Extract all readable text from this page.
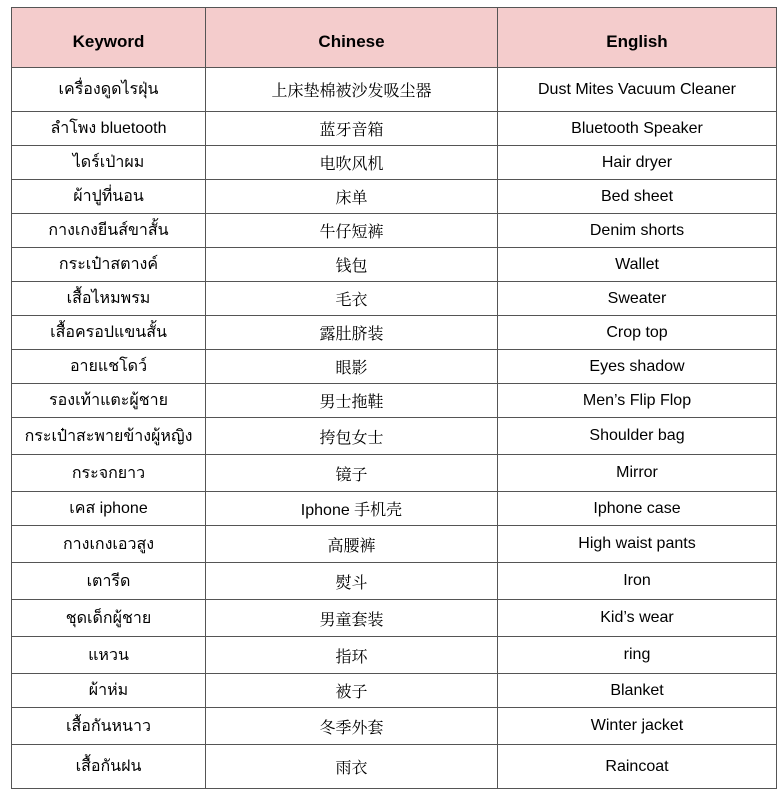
Keyword	Chinese	English
เครื่องดูดไรฝุ่น	上床垫棉被沙发吸尘器	Dust Mites Vacuum Cleaner
ลำโพง bluetooth	蓝牙音箱	Bluetooth Speaker
ไดร์เป่าผม	电吹风机	Hair dryer
ผ้าปูที่นอน	床单	Bed sheet
กางเกงยีนส์ขาสั้น	牛仔短裤	Denim shorts
กระเป๋าสตางค์	钱包	Wallet
เสื้อไหมพรม	毛衣	Sweater
เสื้อครอปแขนสั้น	露肚脐装	Crop top
อายแชโดว์	眼影	Eyes shadow
รองเท้าแตะผู้ชาย	男士拖鞋	Men’s Flip Flop
กระเป๋าสะพายข้างผู้หญิง	挎包女士	Shoulder bag
กระจกยาว	镜子	Mirror
เคส iphone	Iphone 手机壳	Iphone case
กางเกงเอวสูง	高腰裤	High waist pants
เตารีด	熨斗	Iron
ชุดเด็กผู้ชาย	男童套装	Kid’s wear
แหวน	指环	ring
ผ้าห่ม	被子	Blanket
เสื้อกันหนาว	冬季外套	Winter jacket
เสื้อกันฝน	雨衣	Raincoat
